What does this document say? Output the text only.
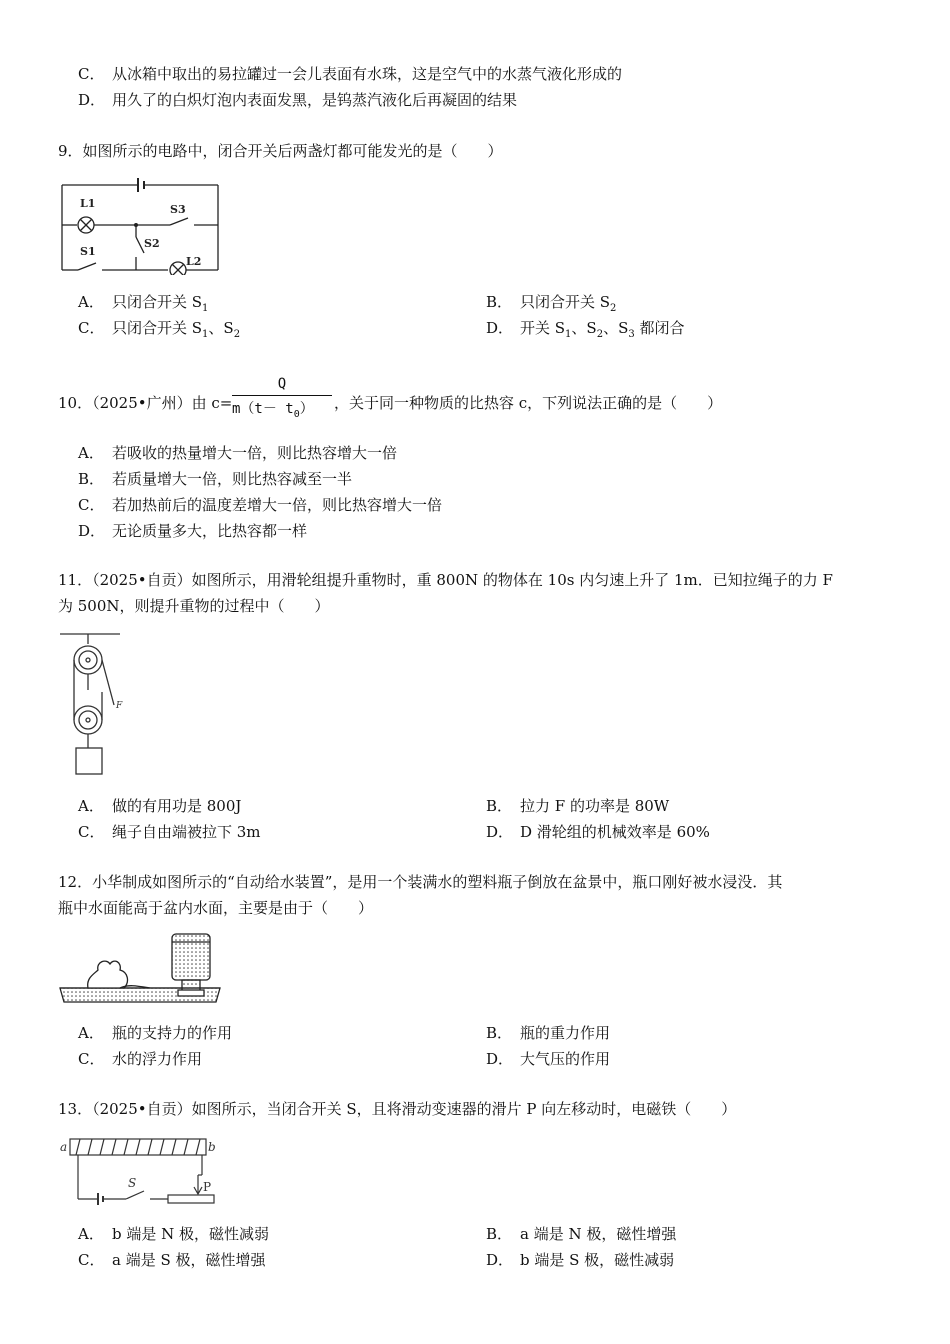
C． 从冰箱中取出的易拉罐过一会儿表面有水珠，这是空气中的水蒸气液化形成的
D． 用久了的白炽灯泡内表面发黑，是钨蒸汽液化后再凝固的结果
9．如图所示的电路中，闭合开关后两盏灯都可能发光的是（　　）
L1	S3
S1
S2
L2
A． 只闭合开关 $S_1$	B． 只闭合开关 $S_2$
C． 只闭合开关 $S_1$、$S_2$	D． 开关 $S_1$、$S_2$、$S_3$ 都闭合
10．（2025•广州）由 c=
Q
$m(t- t_0)$ ，关于同一种物质的比热容 c，下列说法正确的是（　　）
A． 若吸收的热量增大一倍，则比热容增大一倍
B． 若质量增大一倍，则比热容减至一半
C． 若加热前后的温度差增大一倍，则比热容增大一倍
D． 无论质量多大，比热容都一样
11．（2025•自贡）如图所示，用滑轮组提升重物时，重 800N 的物体在 10s 内匀速上升了 1m．已知拉绳子的力 F
为 500N，则提升重物的过程中（　　）
F
A． 做的有用功是 800J	B． 拉力 F 的功率是 80W
C． 绳子自由端被拉下 3m	D． D 滑轮组的机械效率是 60%
12．小华制成如图所示的“自动给水装置”，是用一个装满水的塑料瓶子倒放在盆景中，瓶口刚好被水浸没．其
瓶中水面能高于盆内水面，主要是由于（　　）
A． 瓶的支持力的作用	B． 瓶的重力作用
C． 水的浮力作用	D． 大气压的作用
13．（2025•自贡）如图所示，当闭合开关 S，且将滑动变速器的滑片 P 向左移动时，电磁铁（　　）
a	b
S	P
A． b 端是 N 极，磁性减弱	B． a 端是 N 极，磁性增强
C． a 端是 S 极，磁性增强	D． b 端是 S 极，磁性减弱
